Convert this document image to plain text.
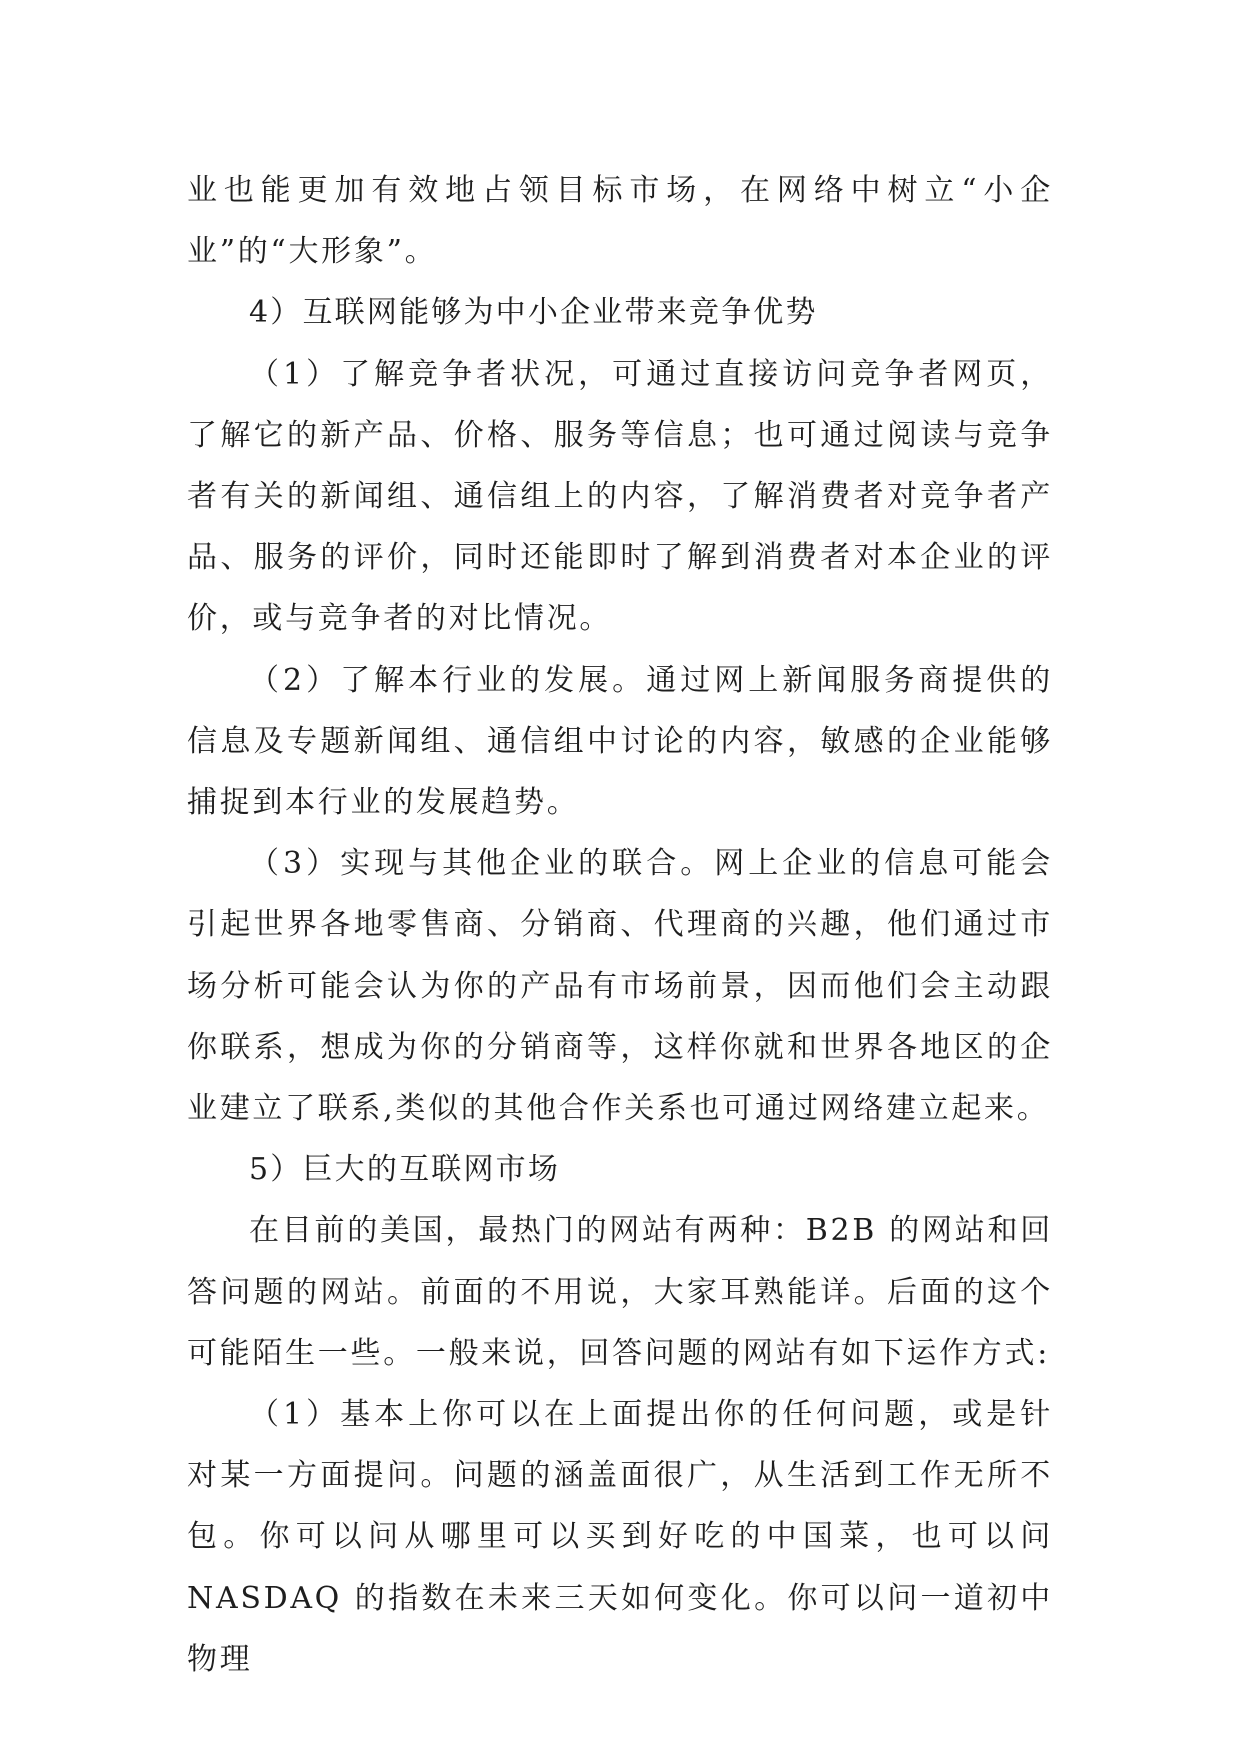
业也能更加有效地占领目标市场，在网络中树立“小企业”的“大形象”。

4）互联网能够为中小企业带来竞争优势

（1）了解竞争者状况，可通过直接访问竞争者网页，了解它的新产品、价格、服务等信息；也可通过阅读与竞争者有关的新闻组、通信组上的内容，了解消费者对竞争者产品、服务的评价，同时还能即时了解到消费者对本企业的评价，或与竞争者的对比情况。

（2）了解本行业的发展。通过网上新闻服务商提供的信息及专题新闻组、通信组中讨论的内容，敏感的企业能够捕捉到本行业的发展趋势。

（3）实现与其他企业的联合。网上企业的信息可能会引起世界各地零售商、分销商、代理商的兴趣，他们通过市场分析可能会认为你的产品有市场前景，因而他们会主动跟你联系，想成为你的分销商等，这样你就和世界各地区的企业建立了联系,类似的其他合作关系也可通过网络建立起来。

5）巨大的互联网市场

在目前的美国，最热门的网站有两种：B2B 的网站和回答问题的网站。前面的不用说，大家耳熟能详。后面的这个可能陌生一些。一般来说，回答问题的网站有如下运作方式:

（1）基本上你可以在上面提出你的任何问题，或是针对某一方面提问。问题的涵盖面很广，从生活到工作无所不包。你可以问从哪里可以买到好吃的中国菜，也可以问 NASDAQ 的指数在未来三天如何变化。你可以问一道初中物理
